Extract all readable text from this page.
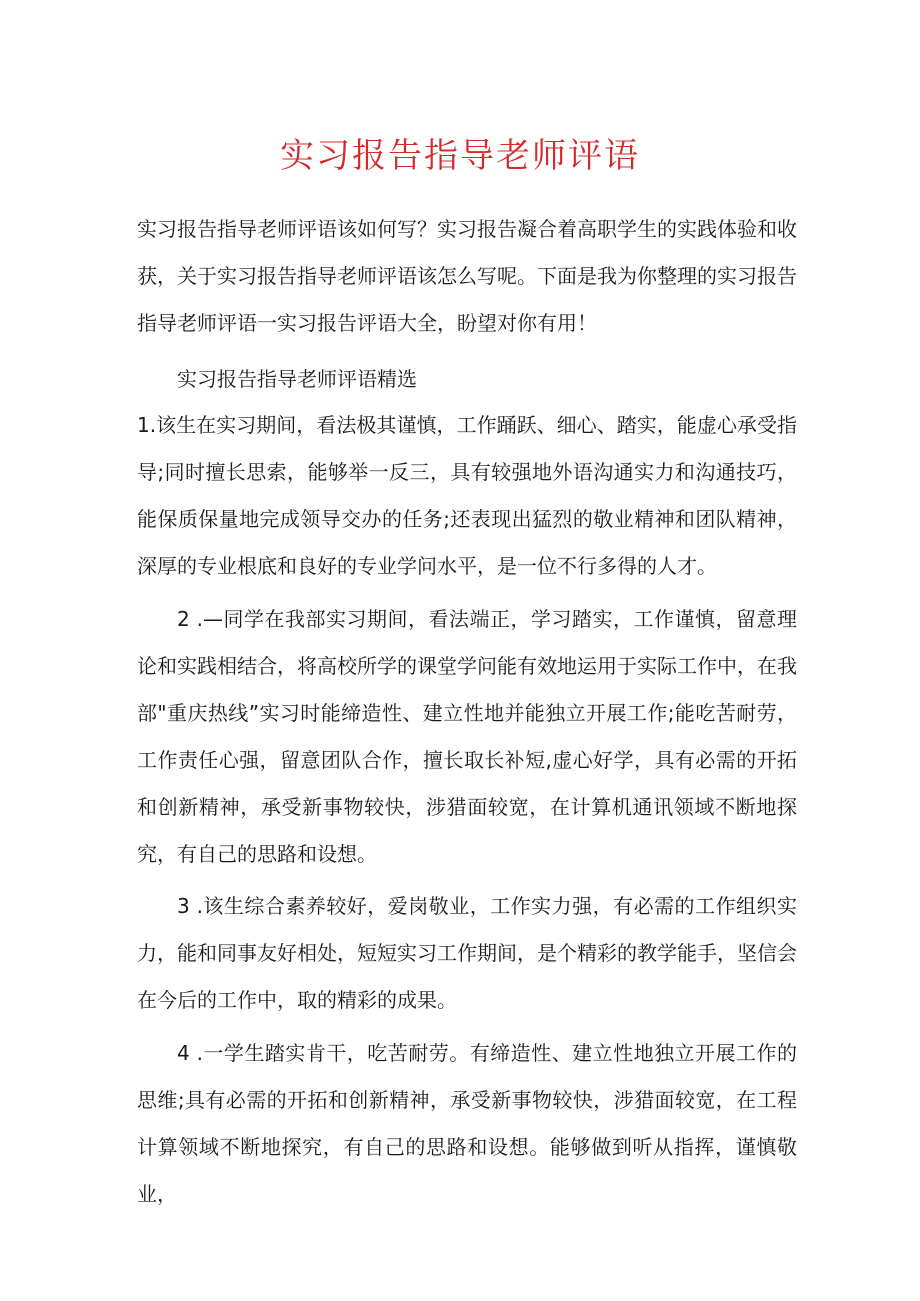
实习报告指导老师评语

实习报告指导老师评语该如何写？实习报告凝合着高职学生的实践体验和收获，关于实习报告指导老师评语该怎么写呢。下面是我为你整理的实习报告指导老师评语一实习报告评语大全，盼望对你有用！

实习报告指导老师评语精选

1.该生在实习期间，看法极其谨慎，工作踊跃、细心、踏实，能虚心承受指导;同时擅长思索，能够举一反三，具有较强地外语沟通实力和沟通技巧，能保质保量地完成领导交办的任务;还表现出猛烈的敬业精神和团队精神，深厚的专业根底和良好的专业学问水平，是一位不行多得的人才。

2 .—同学在我部实习期间，看法端正，学习踏实，工作谨慎，留意理论和实践相结合，将高校所学的课堂学问能有效地运用于实际工作中，在我部"重庆热线”实习时能缔造性、建立性地并能独立开展工作;能吃苦耐劳，工作责任心强，留意团队合作，擅长取长补短,虚心好学，具有必需的开拓和创新精神，承受新事物较快，涉猎面较宽，在计算机通讯领域不断地探究，有自己的思路和设想。

3 .该生综合素养较好，爱岗敬业，工作实力强，有必需的工作组织实力，能和同事友好相处，短短实习工作期间，是个精彩的教学能手，坚信会在今后的工作中，取的精彩的成果。

4 .一学生踏实肯干，吃苦耐劳。有缔造性、建立性地独立开展工作的思维;具有必需的开拓和创新精神，承受新事物较快，涉猎面较宽，在工程计算领域不断地探究，有自己的思路和设想。能够做到听从指挥，谨慎敬业，
